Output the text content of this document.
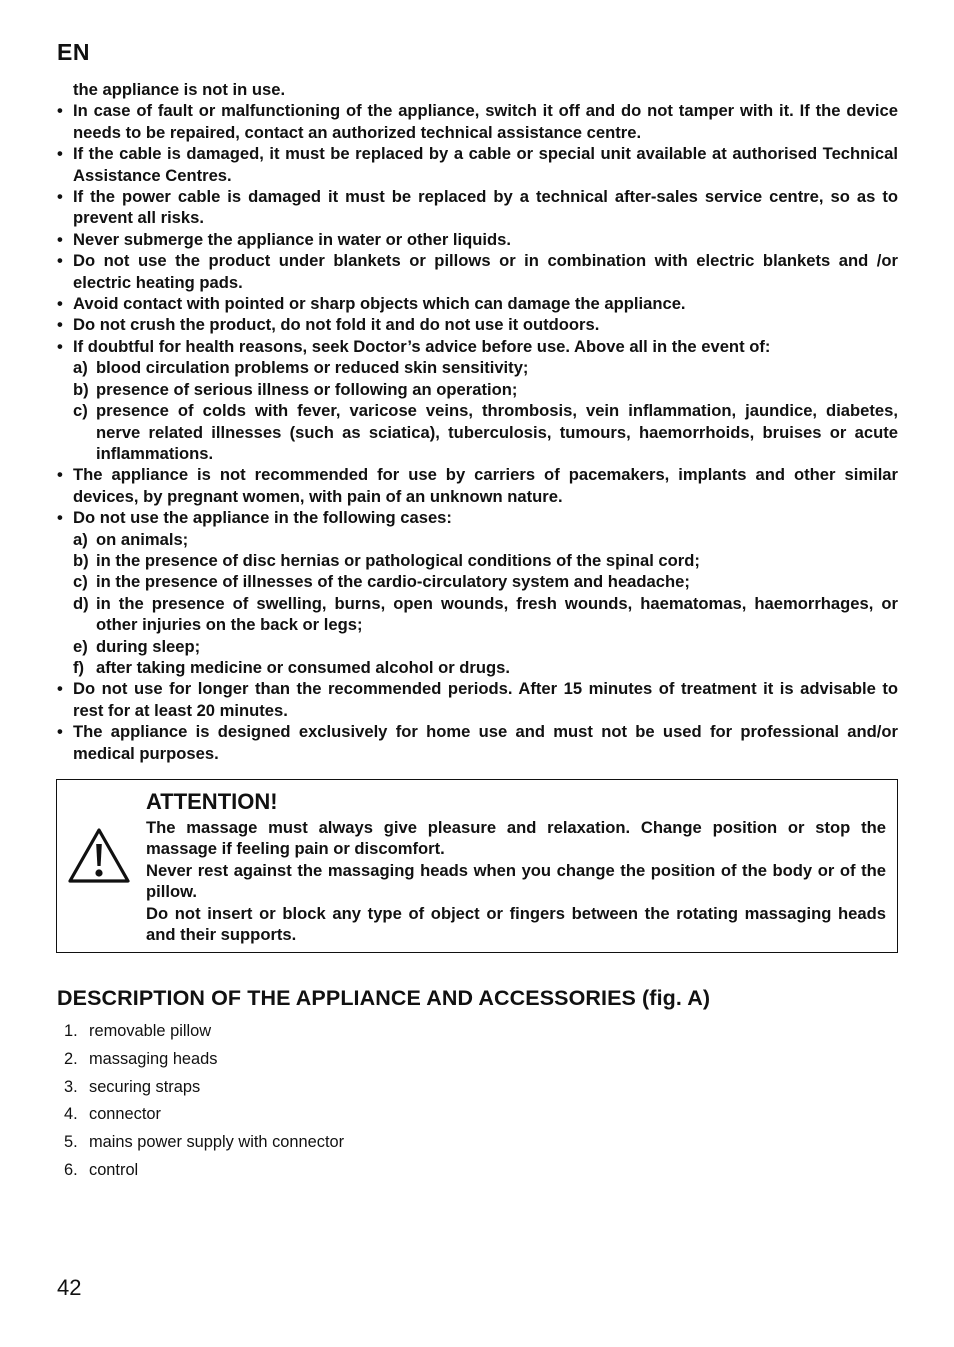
EN
the appliance is not in use.
• In case of fault or malfunctioning of the appliance, switch it off and do not tamper with it. If the device needs to be repaired, contact an authorized technical assistance centre.
• If the cable is damaged, it must be replaced by a cable or special unit available at authorised Technical Assistance Centres.
• If the power cable is damaged it must be replaced by a technical after-sales service centre, so as to prevent all risks.
• Never submerge the appliance in water or other liquids.
• Do not use the product under blankets or pillows or in combination with electric blankets and /or electric heating pads.
• Avoid contact with pointed or sharp objects which can damage the appliance.
• Do not crush the product, do not fold it and do not use it outdoors.
• If doubtful for health reasons, seek Doctor’s advice before use. Above all in the event of:
a) blood circulation problems or reduced skin sensitivity;
b) presence of serious illness or following an operation;
c) presence of colds with fever, varicose veins, thrombosis, vein inflammation, jaundice, diabetes, nerve related illnesses (such as sciatica), tuberculosis, tumours, haemorrhoids, bruises or acute inflammations.
• The appliance is not recommended for use by carriers of pacemakers, implants and other similar devices, by pregnant women, with pain of an unknown nature.
• Do not use the appliance in the following cases:
a) on animals;
b) in the presence of disc hernias or pathological conditions of the spinal cord;
c) in the presence of illnesses of the cardio-circulatory system and headache;
d) in the presence of swelling, burns, open wounds, fresh wounds, haematomas, haemorrhages, or other injuries on the back or legs;
e) during sleep;
f) after taking medicine or consumed alcohol or drugs.
• Do not use for longer than the recommended periods. After 15 minutes of treatment it is advisable to rest for at least 20 minutes.
• The appliance is designed exclusively for home use and must not be used for professional and/or medical purposes.
ATTENTION!
The massage must always give pleasure and relaxation. Change position or stop the massage if feeling pain or discomfort.
Never rest against the massaging heads when you change the position of the body or of the pillow.
Do not insert or block any type of object or fingers between the rotating massaging heads and their supports.
DESCRIPTION OF THE APPLIANCE AND ACCESSORIES (fig. A)
1. removable pillow
2. massaging heads
3. securing straps
4. connector
5. mains power supply with connector
6. control
42
